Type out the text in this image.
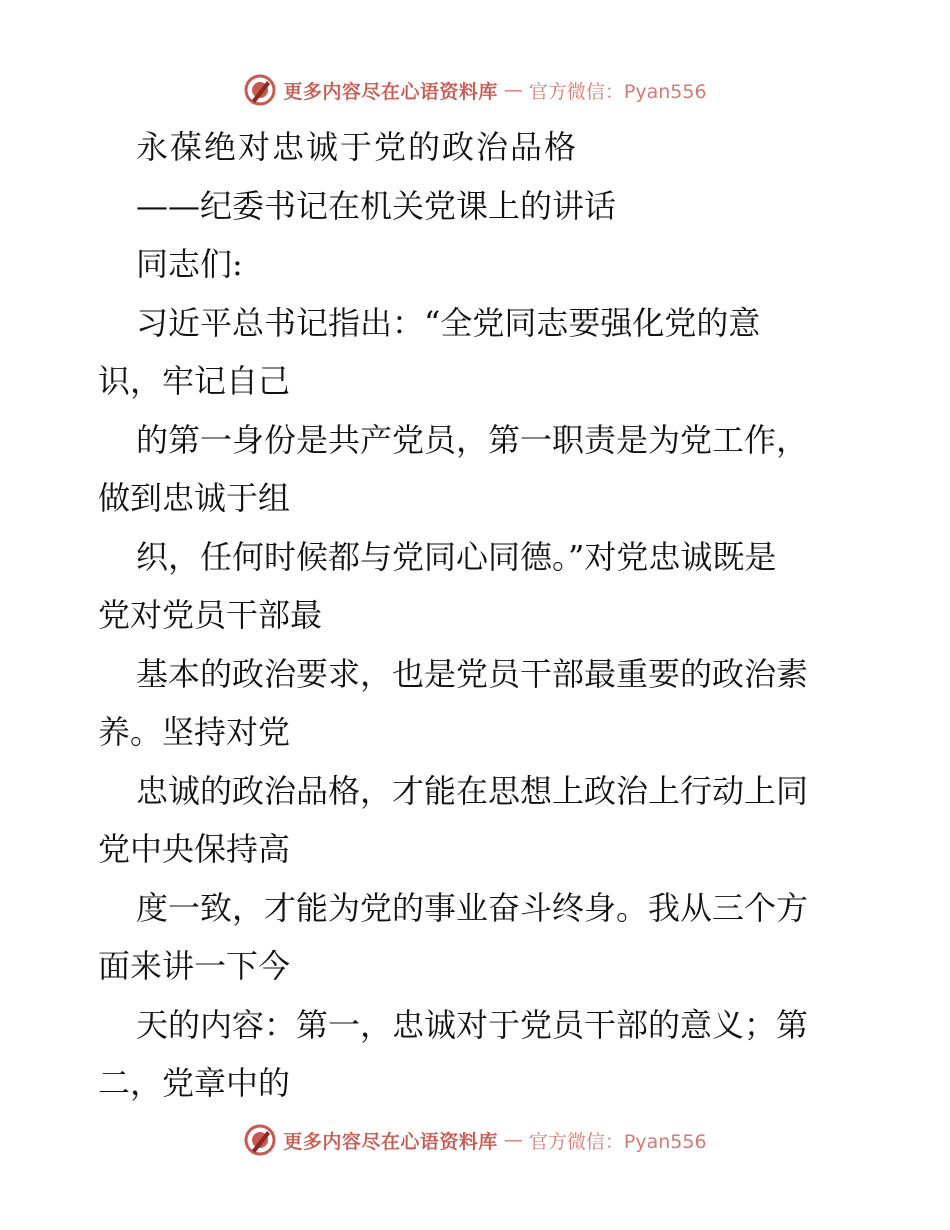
更多内容尽在心语资料库 — 官方微信：Pyan556
永葆绝对忠诚于党的政治品格
——纪委书记在机关党课上的讲话
同志们:
习近平总书记指出：“全党同志要强化党的意
识，牢记自己
的第一身份是共产党员，第一职责是为党工作，
做到忠诚于组
织，任何时候都与党同心同德。”对党忠诚既是
党对党员干部最
基本的政治要求，也是党员干部最重要的政治素
养。坚持对党
忠诚的政治品格，才能在思想上政治上行动上同
党中央保持高
度一致，才能为党的事业奋斗终身。我从三个方
面来讲一下今
天的内容：第一，忠诚对于党员干部的意义；第
二，党章中的
更多内容尽在心语资料库 — 官方微信：Pyan556
